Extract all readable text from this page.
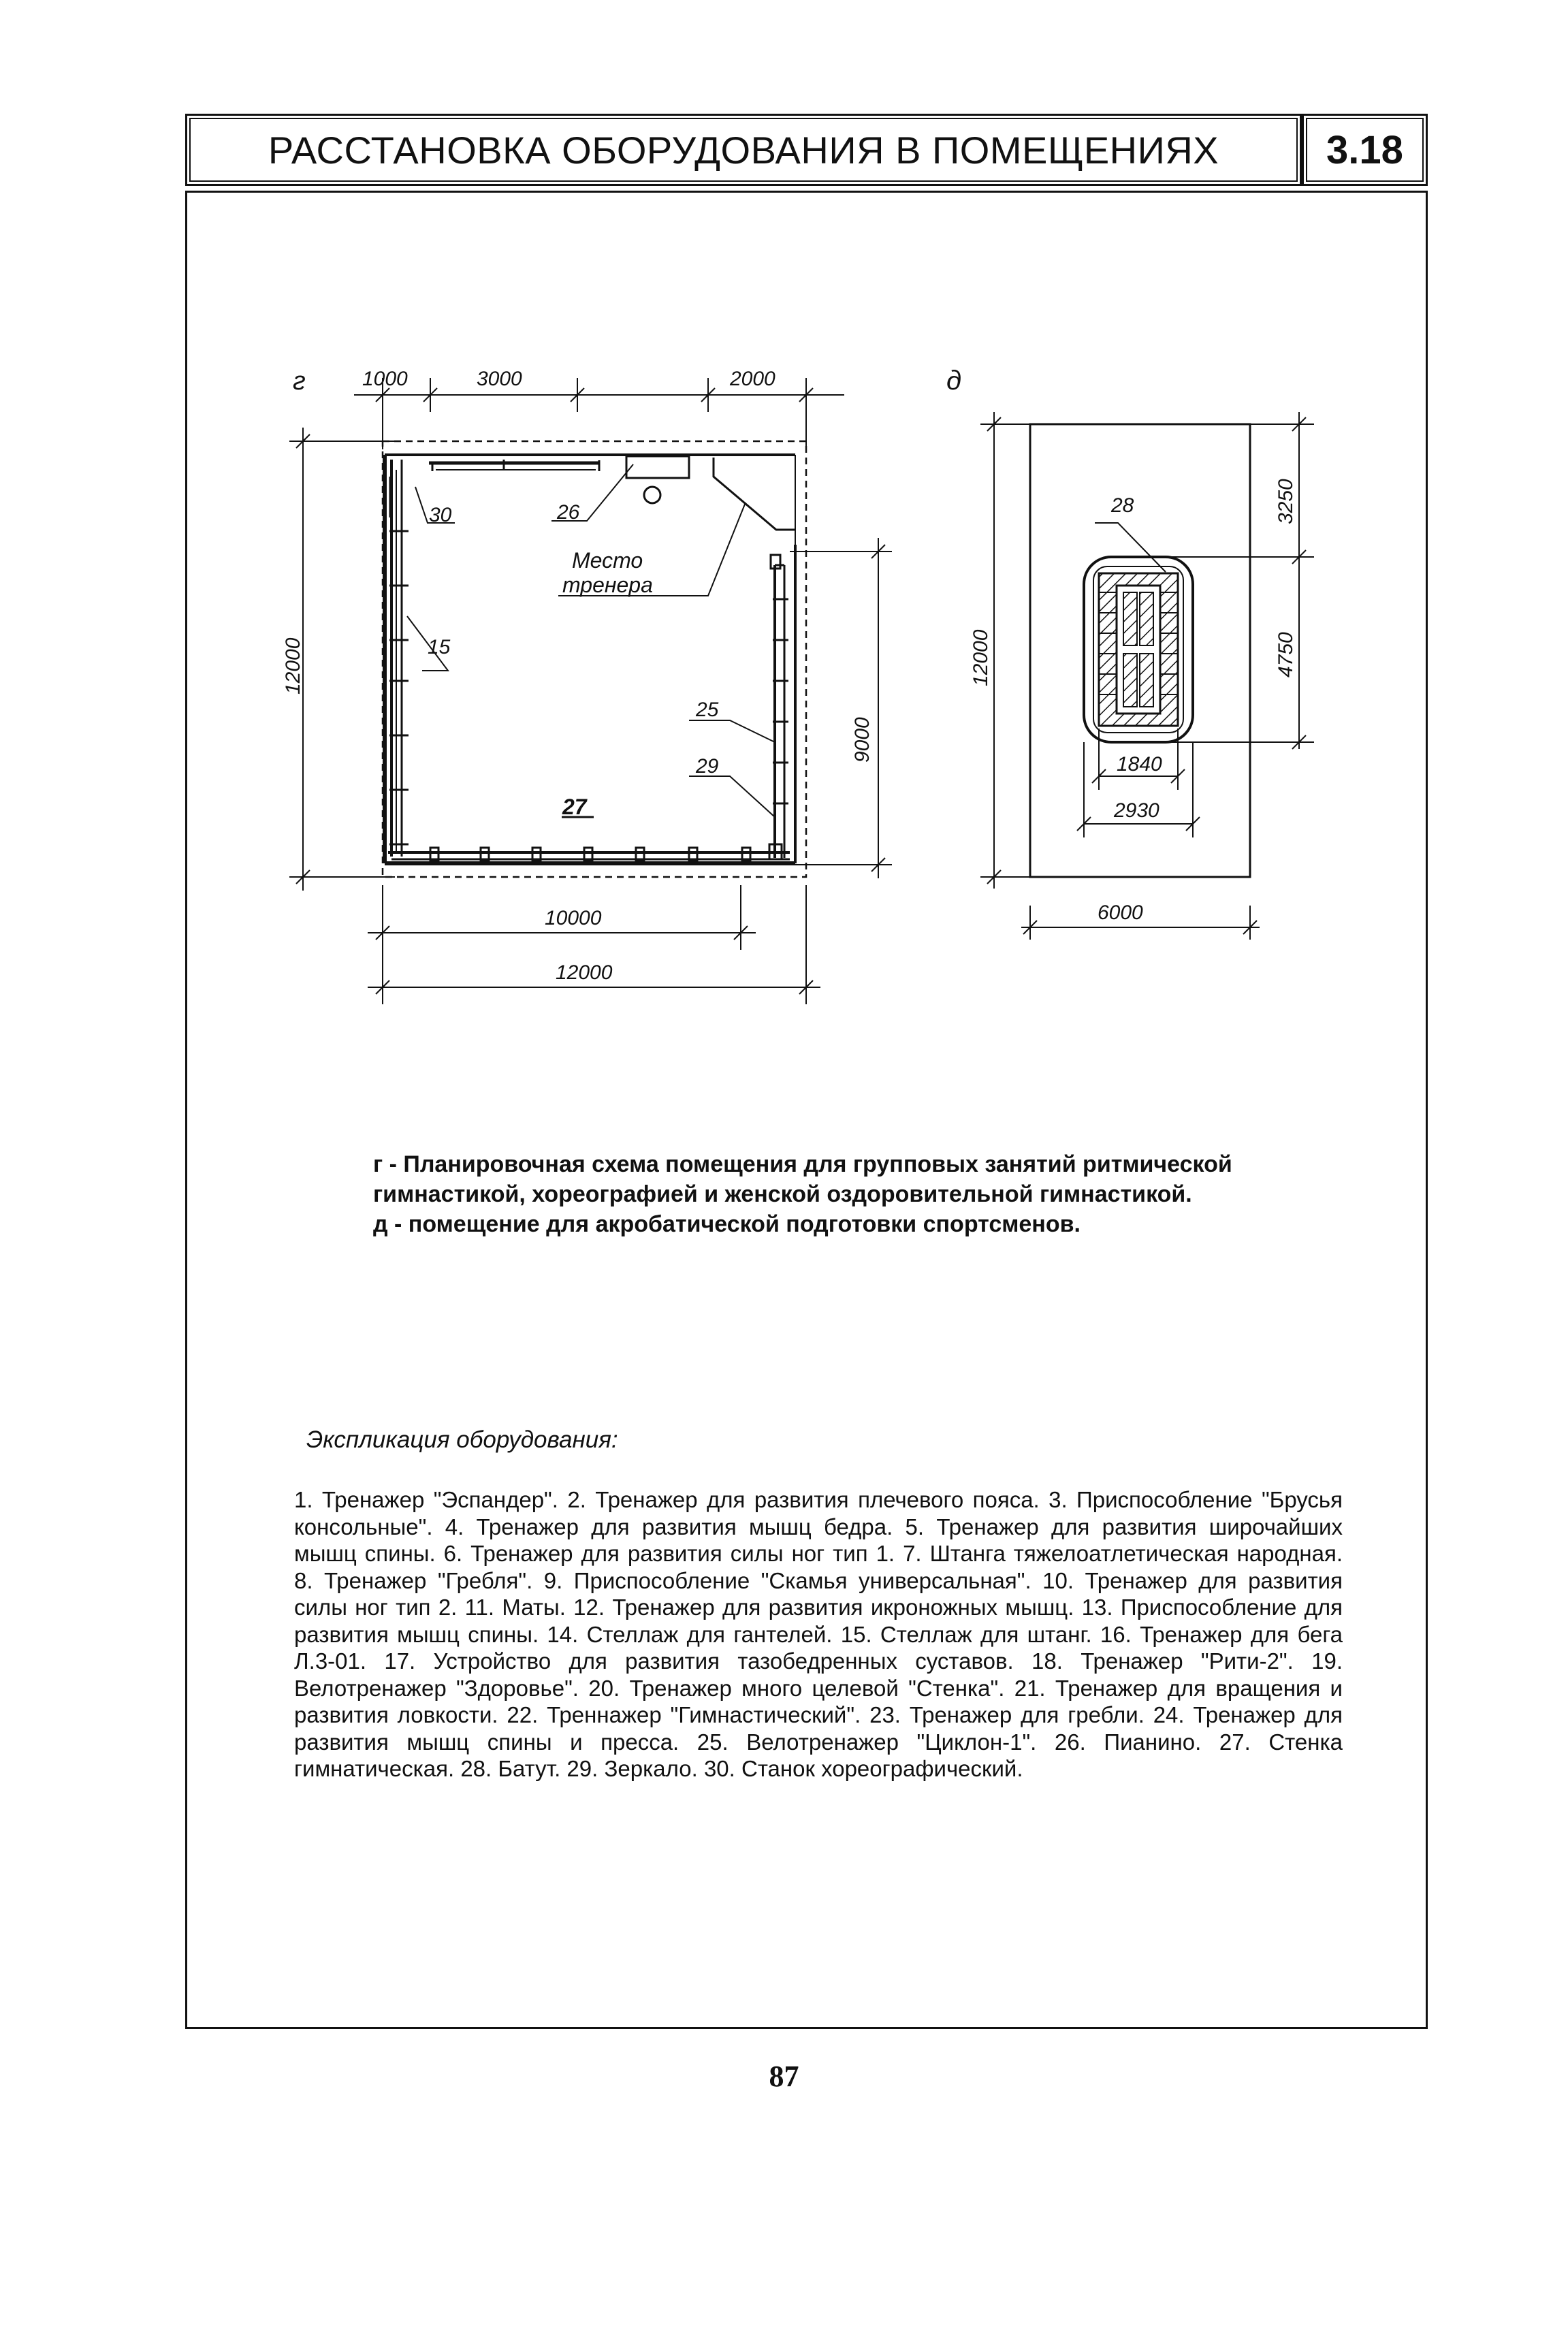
РАССТАНОВКА ОБОРУДОВАНИЯ В ПОМЕЩЕНИЯХ	3.18
г	1000	3000	2000
12000
9000
10000
12000
30	26
15
25
29
27
Место
тренера
д
12000
3250
4750
1840
2930
6000
28
г - Планировочная схема помещения для групповых занятий ритмической
гимнастикой, хореографией и женской оздоровительной гимнастикой.
д - помещение для акробатической подготовки спортсменов.
Экспликация оборудования:
1. Тренажер "Эспандер". 2. Тренажер для развития плечевого пояса. 3. Приспособление "Брусья консольные". 4. Тренажер для развития мышц бедра. 5. Тренажер для развития широчайших мышц спины. 6. Тренажер для развития силы ног тип 1. 7. Штанга тяжелоатлетическая народная. 8. Тренажер "Гребля". 9. Приспособление "Скамья универсальная". 10. Тренажер для развития силы ног тип 2. 11. Маты. 12. Тренажер для развития икроножных мышц. 13. Приспособление для развития мышц спины. 14. Стеллаж для гантелей. 15. Стеллаж для штанг. 16. Тренажер для бега Л.3-01. 17. Устройство для развития тазобедренных суставов. 18. Тренажер "Рити-2". 19. Велотренажер "Здоровье". 20. Тренажер много целевой "Стенка". 21. Тренажер для вращения и развития ловкости. 22. Треннажер "Гимнастический". 23. Тренажер для гребли. 24. Тренажер для развития мышц спины и пресса. 25. Велотренажер "Циклон-1". 26. Пианино. 27. Стенка гимнатическая. 28. Батут. 29. Зеркало. 30. Станок хореографический.
87
